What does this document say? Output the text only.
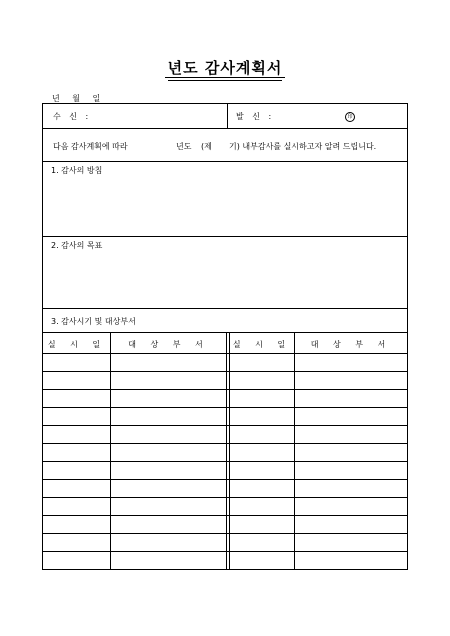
년도 감사계획서
년 월 일
수 신 :	발 신 :	印
다음 감사계획에 따라	년도 (제 기) 내부감사를 실시하고자 알려 드립니다.
1. 감사의 방침
2. 감사의 목표
3. 감사시기 및 대상부서
실 시 일	대 상 부 서	실 시 일	대 상 부 서
